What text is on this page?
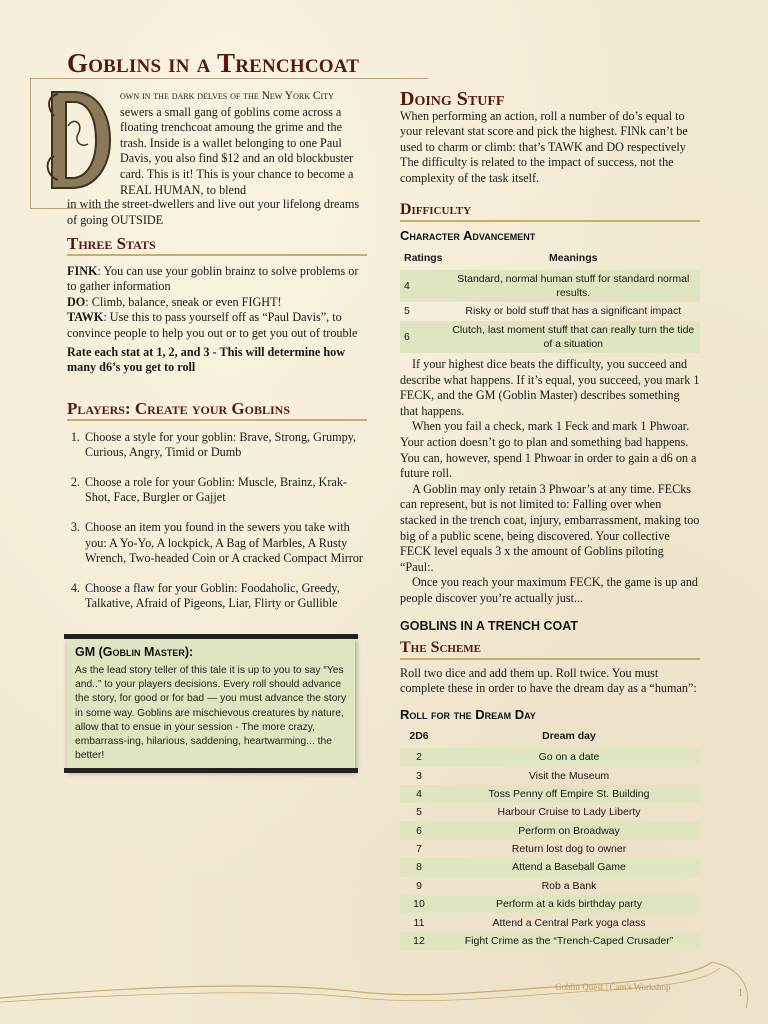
Goblins in a Trenchcoat
own in the dark delves of the New York City sewers a small gang of goblins come across a floating trenchcoat amoung the grime and the trash. Inside is a wallet belonging to one Paul Davis, you also find $12 and an old blockbuster card. This is it! This is your chance to become a REAL HUMAN, to blend
in with the street-dwellers and live out your lifelong dreams of going OUTSIDE
Three Stats
FINK: You can use your goblin brainz to solve problems or to gather information
DO: Climb, balance, sneak or even FIGHT!
TAWK: Use this to pass yourself off as “Paul Davis”, to convince people to help you out or to get you out of trouble
Rate each stat at 1, 2, and 3 - This will determine how many d6’s you get to roll
Players: Create your Goblins
1. Choose a style for your goblin: Brave, Strong, Grumpy, Curious, Angry, Timid or Dumb
2. Choose a role for your Goblin: Muscle, Brainz, Krak-Shot, Face, Burgler or Gajjet
3. Choose an item you found in the sewers you take with you: A Yo-Yo, A lockpick, A Bag of Marbles, A Rusty Wrench, Two-headed Coin or A cracked Compact Mirror
4. Choose a flaw for your Goblin: Foodaholic, Greedy, Talkative, Afraid of Pigeons, Liar, Flirty or Gullible
GM (Goblin Master):
As the lead story teller of this tale it is up to you to say “Yes and..” to your players decisions. Every roll should advance the story, for good or for bad — you must advance the story in some way. Goblins are mischievous creatures by nature, allow that to ensue in your session - The more crazy, embarrass-ing, hilarious, saddening, heartwarming... the better!
Doing Stuff
When performing an action, roll a number of do’s equal to your relevant stat score and pick the highest. FINk can’t be used to charm or climb: that’s TAWK and DO respectively The difficulty is related to the impact of success, not the complexity of the task itself.
Difficulty
Character Advancement
Ratings	Meanings
4	Standard, normal human stuff for standard normal results.
5	Risky or bold stuff that has a significant impact
6	Clutch, last moment stuff that can really turn the tide of a situation
If your highest dice beats the difficulty, you succeed and describe what happens. If it’s equal, you succeed, you mark 1 FECK, and the GM (Goblin Master) describes something that happens.
When you fail a check, mark 1 Feck and mark 1 Phwoar. Your action doesn’t go to plan and something bad happens. You can, however, spend 1 Phwoar in order to gain a d6 on a future roll.
A Goblin may only retain 3 Phwoar’s at any time. FECks can represent, but is not limited to: Falling over when stacked in the trench coat, injury, embarrassment, making too big of a public scene, being discovered. Your collective FECK level equals 3 x the amount of Goblins piloting “Paul:.
Once you reach your maximum FECK, the game is up and people discover you’re actually just...
GOBLINS IN A TRENCH COAT
The Scheme
Roll two dice and add them up. Roll twice. You must complete these in order to have the dream day as a “human”:
Roll for the Dream Day
2D6	Dream day
2	Go on a date
3	Visit the Museum
4	Toss Penny off Empire St. Building
5	Harbour Cruise to Lady Liberty
6	Perform on Broadway
7	Return lost dog to owner
8	Attend a Baseball Game
9	Rob a Bank
10	Perform at a kids birthday party
11	Attend a Central Park yoga class
12	Fight Crime as the “Trench-Caped Crusader”
Goblin Quest | Cam's Workshop
1
